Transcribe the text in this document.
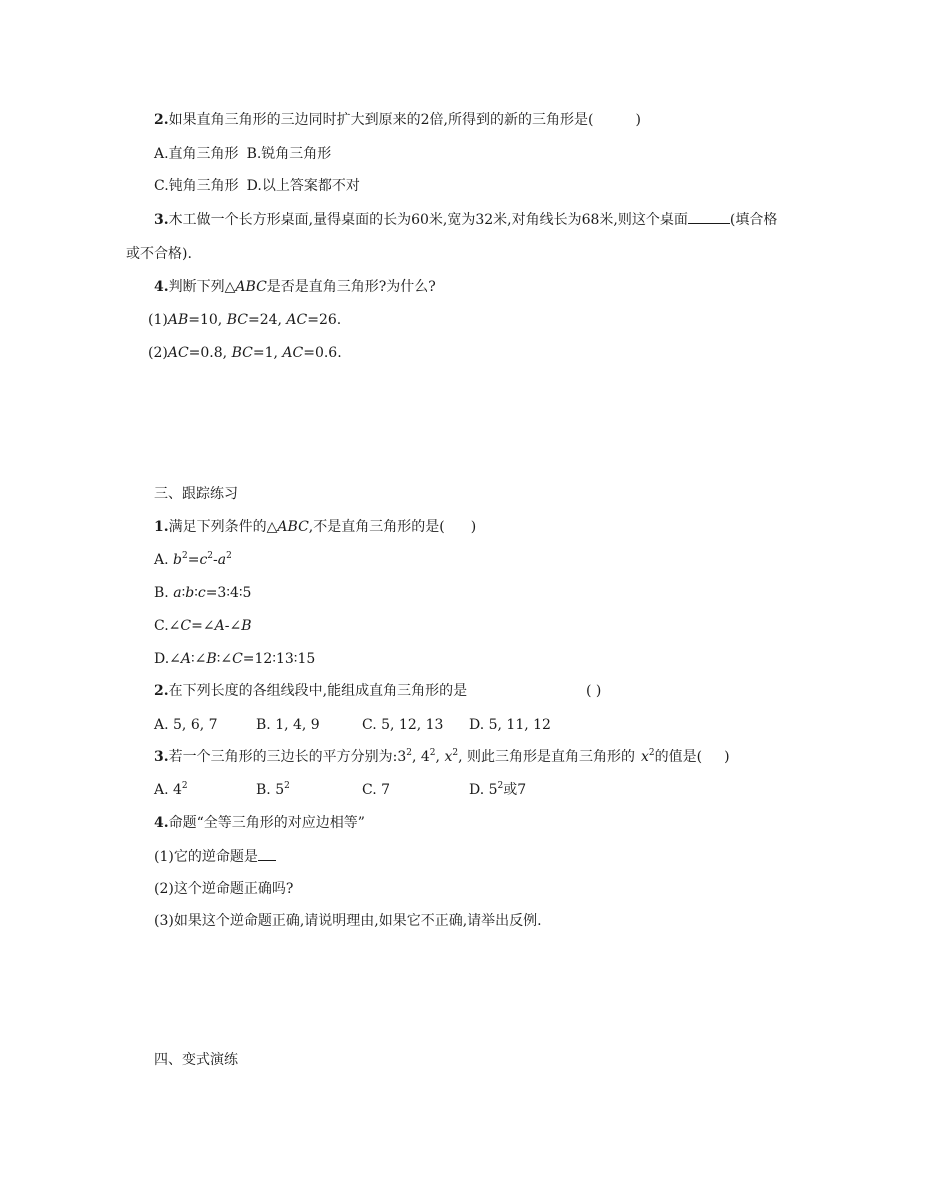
2.如果直角三角形的三边同时扩大到原来的2倍,所得到的新的三角形是(	)
A.直角三角形 B.锐角三角形
C.钝角三角形 D.以上答案都不对
3.木工做一个长方形桌面,量得桌面的长为60米,宽为32米,对角线长为68米,则这个桌面	(填合格
或不合格).
4.判断下列△ABC是否是直角三角形?为什么?
(1)AB=10, BC=24, AC=26.
(2)AC=0.8, BC=1, AC=0.6.
三、跟踪练习
1.满足下列条件的△ABC,不是直角三角形的是( )
A. $b^2=c^2-a^2$
B. a∶b∶c=3∶4∶5
C.∠C=∠A-∠B
D.∠A∶∠B∶∠C=12∶13∶15
2.在下列长度的各组线段中,能组成直角三角形的是	( )
A. 5, 6, 7	B. 1, 4, 9	C. 5, 12, 13 D. 5, 11, 12
3.若一个三角形的三边长的平方分别为$:3^2$, $4^2$, $x^2$, 则此三角形是直角三角形的 $x^2$的值是( )
A. $4^2$	B. $5^2$	C. 7	D. $5^2$或7
4.命题“全等三角形的对应边相等”
(1)它的逆命题是
(2)这个逆命题正确吗?
(3)如果这个逆命题正确,请说明理由,如果它不正确,请举出反例.
四、变式演练
